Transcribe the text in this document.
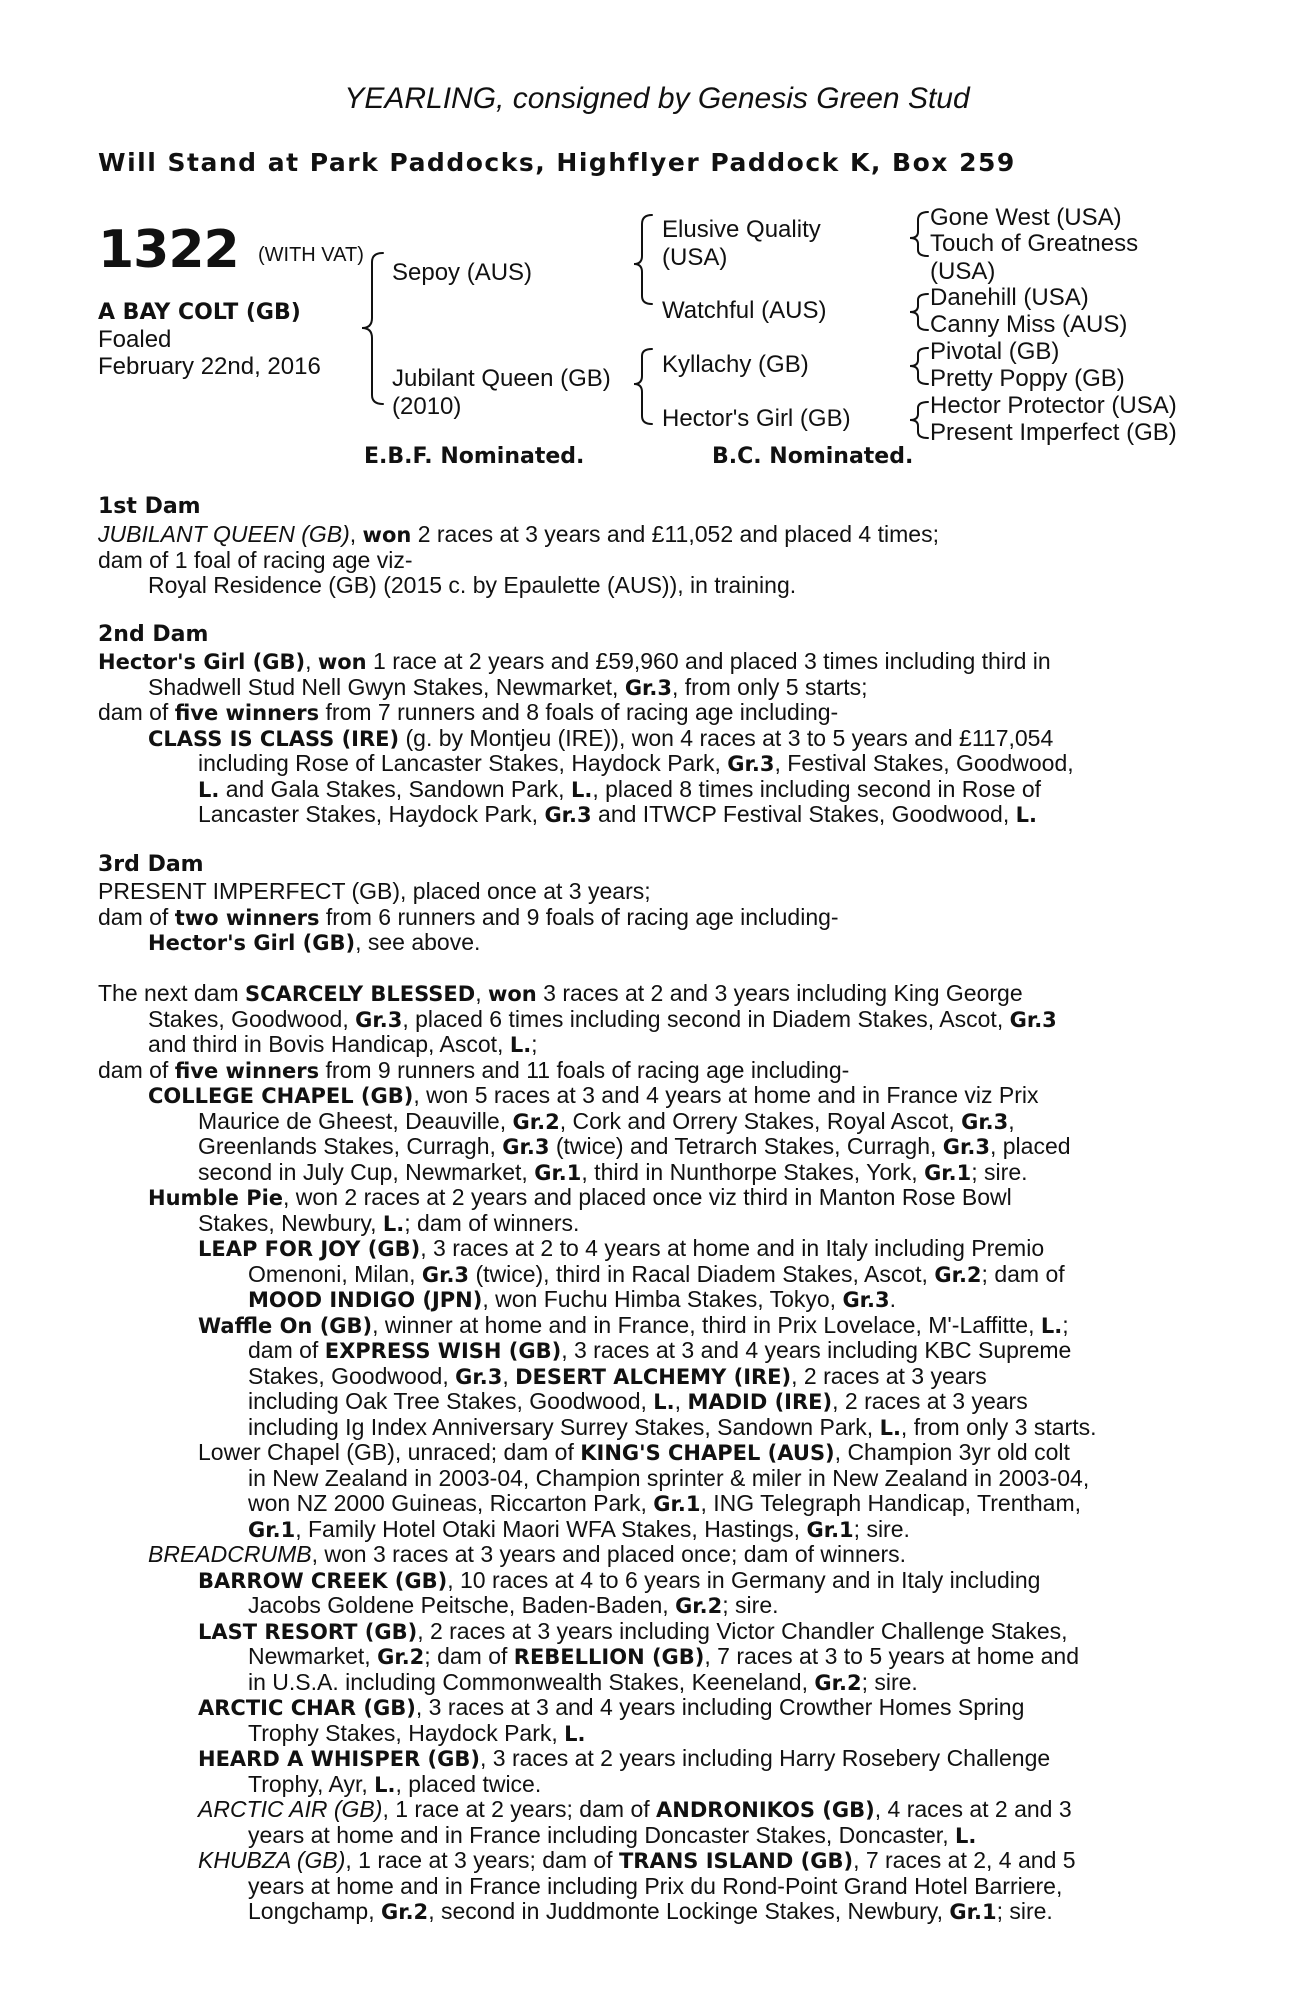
YEARLING, consigned by Genesis Green Stud
Will Stand at Park Paddocks, Highflyer Paddock K, Box 259
1322 (WITH VAT)
A BAY COLT (GB)
Foaled
February 22nd, 2016
Sepoy (AUS)
Jubilant Queen (GB)
(2010)
Elusive Quality
(USA)
Watchful (AUS)
Kyllachy (GB)
Hector's Girl (GB)
Gone West (USA)
Touch of Greatness
(USA)
Danehill (USA)
Canny Miss (AUS)
Pivotal (GB)
Pretty Poppy (GB)
Hector Protector (USA)
Present Imperfect (GB)
E.B.F. Nominated.	B.C. Nominated.
1st Dam
JUBILANT QUEEN (GB), won 2 races at 3 years and £11,052 and placed 4 times;
dam of 1 foal of racing age viz-
Royal Residence (GB) (2015 c. by Epaulette (AUS)), in training.
2nd Dam
Hector's Girl (GB), won 1 race at 2 years and £59,960 and placed 3 times including third in
Shadwell Stud Nell Gwyn Stakes, Newmarket, Gr.3, from only 5 starts;
dam of five winners from 7 runners and 8 foals of racing age including-
CLASS IS CLASS (IRE) (g. by Montjeu (IRE)), won 4 races at 3 to 5 years and £117,054
including Rose of Lancaster Stakes, Haydock Park, Gr.3, Festival Stakes, Goodwood,
L. and Gala Stakes, Sandown Park, L., placed 8 times including second in Rose of
Lancaster Stakes, Haydock Park, Gr.3 and ITWCP Festival Stakes, Goodwood, L.
3rd Dam
PRESENT IMPERFECT (GB), placed once at 3 years;
dam of two winners from 6 runners and 9 foals of racing age including-
Hector's Girl (GB), see above.
The next dam SCARCELY BLESSED, won 3 races at 2 and 3 years including King George
Stakes, Goodwood, Gr.3, placed 6 times including second in Diadem Stakes, Ascot, Gr.3
and third in Bovis Handicap, Ascot, L.;
dam of five winners from 9 runners and 11 foals of racing age including-
COLLEGE CHAPEL (GB), won 5 races at 3 and 4 years at home and in France viz Prix
Maurice de Gheest, Deauville, Gr.2, Cork and Orrery Stakes, Royal Ascot, Gr.3,
Greenlands Stakes, Curragh, Gr.3 (twice) and Tetrarch Stakes, Curragh, Gr.3, placed
second in July Cup, Newmarket, Gr.1, third in Nunthorpe Stakes, York, Gr.1; sire.
Humble Pie, won 2 races at 2 years and placed once viz third in Manton Rose Bowl
Stakes, Newbury, L.; dam of winners.
LEAP FOR JOY (GB), 3 races at 2 to 4 years at home and in Italy including Premio
Omenoni, Milan, Gr.3 (twice), third in Racal Diadem Stakes, Ascot, Gr.2; dam of
MOOD INDIGO (JPN), won Fuchu Himba Stakes, Tokyo, Gr.3.
Waffle On (GB), winner at home and in France, third in Prix Lovelace, M'-Laffitte, L.;
dam of EXPRESS WISH (GB), 3 races at 3 and 4 years including KBC Supreme
Stakes, Goodwood, Gr.3, DESERT ALCHEMY (IRE), 2 races at 3 years
including Oak Tree Stakes, Goodwood, L., MADID (IRE), 2 races at 3 years
including Ig Index Anniversary Surrey Stakes, Sandown Park, L., from only 3 starts.
Lower Chapel (GB), unraced; dam of KING'S CHAPEL (AUS), Champion 3yr old colt
in New Zealand in 2003-04, Champion sprinter & miler in New Zealand in 2003-04,
won NZ 2000 Guineas, Riccarton Park, Gr.1, ING Telegraph Handicap, Trentham,
Gr.1, Family Hotel Otaki Maori WFA Stakes, Hastings, Gr.1; sire.
BREADCRUMB, won 3 races at 3 years and placed once; dam of winners.
BARROW CREEK (GB), 10 races at 4 to 6 years in Germany and in Italy including
Jacobs Goldene Peitsche, Baden-Baden, Gr.2; sire.
LAST RESORT (GB), 2 races at 3 years including Victor Chandler Challenge Stakes,
Newmarket, Gr.2; dam of REBELLION (GB), 7 races at 3 to 5 years at home and
in U.S.A. including Commonwealth Stakes, Keeneland, Gr.2; sire.
ARCTIC CHAR (GB), 3 races at 3 and 4 years including Crowther Homes Spring
Trophy Stakes, Haydock Park, L.
HEARD A WHISPER (GB), 3 races at 2 years including Harry Rosebery Challenge
Trophy, Ayr, L., placed twice.
ARCTIC AIR (GB), 1 race at 2 years; dam of ANDRONIKOS (GB), 4 races at 2 and 3
years at home and in France including Doncaster Stakes, Doncaster, L.
KHUBZA (GB), 1 race at 3 years; dam of TRANS ISLAND (GB), 7 races at 2, 4 and 5
years at home and in France including Prix du Rond-Point Grand Hotel Barriere,
Longchamp, Gr.2, second in Juddmonte Lockinge Stakes, Newbury, Gr.1; sire.
